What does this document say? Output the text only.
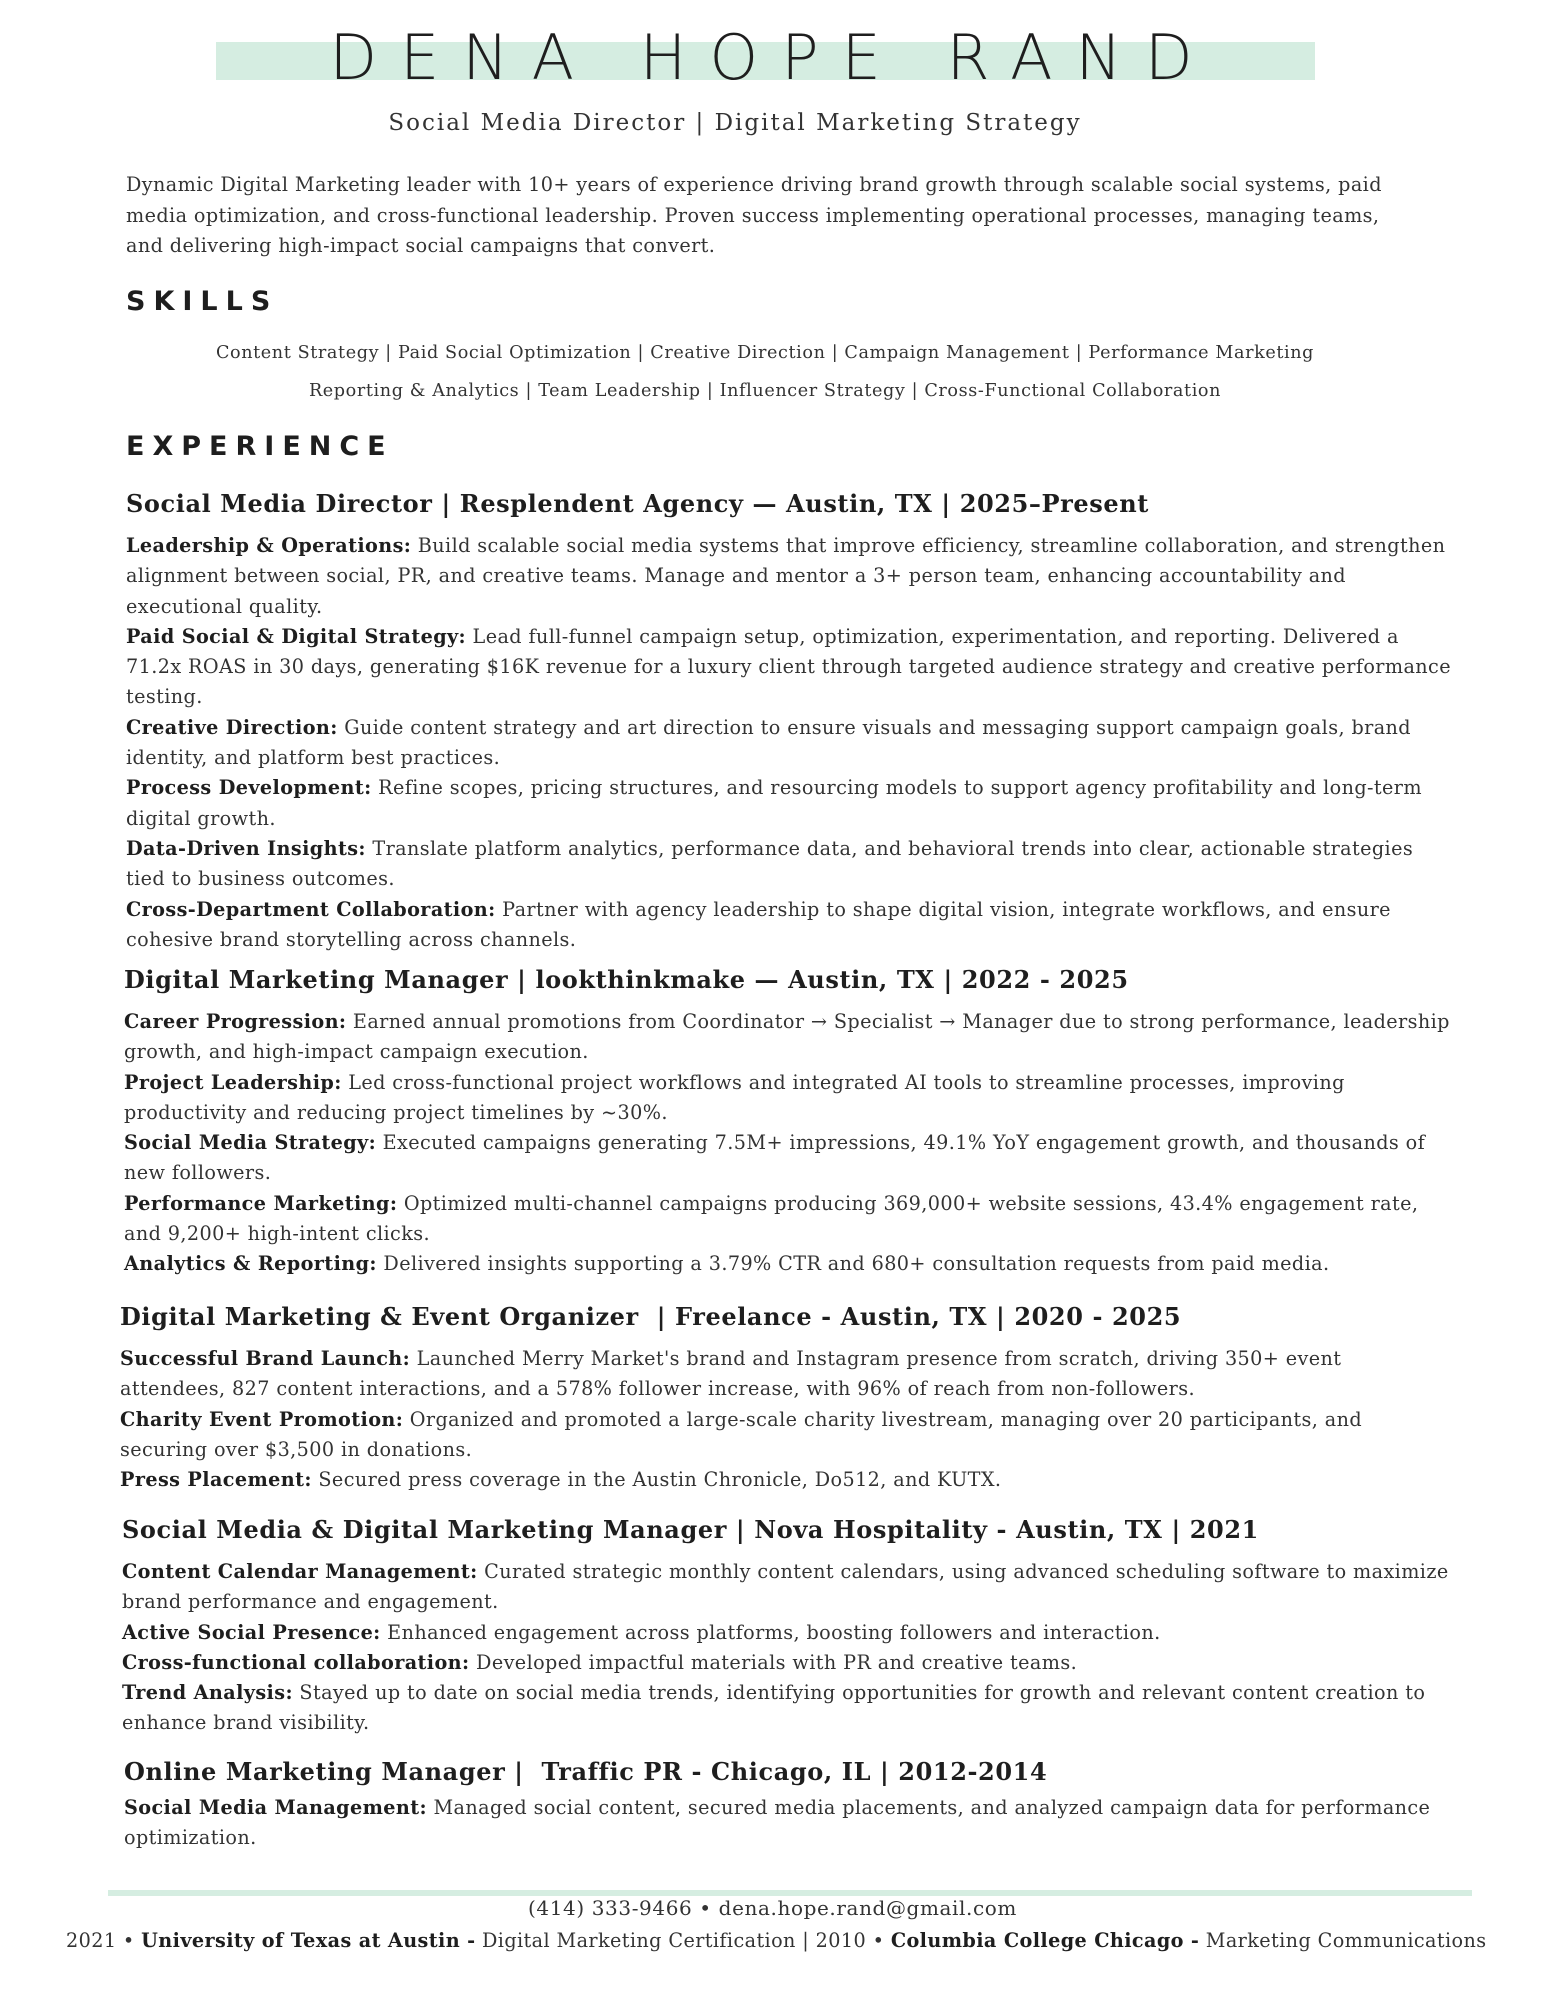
DENA HOPE RAND
Social Media Director | Digital Marketing Strategy
Dynamic Digital Marketing leader with 10+ years of experience driving brand growth through scalable social systems, paid media optimization, and cross-functional leadership. Proven success implementing operational processes, managing teams, and delivering high-impact social campaigns that convert.
SKILLS
Content Strategy | Paid Social Optimization | Creative Direction | Campaign Management | Performance Marketing
Reporting & Analytics | Team Leadership | Influencer Strategy | Cross-Functional Collaboration
EXPERIENCE
Social Media Director | Resplendent Agency — Austin, TX | 2025–Present
Leadership & Operations: Build scalable social media systems that improve efficiency, streamline collaboration, and strengthen alignment between social, PR, and creative teams. Manage and mentor a 3+ person team, enhancing accountability and executional quality.
Paid Social & Digital Strategy: Lead full-funnel campaign setup, optimization, experimentation, and reporting. Delivered a 71.2x ROAS in 30 days, generating $16K revenue for a luxury client through targeted audience strategy and creative performance testing.
Creative Direction: Guide content strategy and art direction to ensure visuals and messaging support campaign goals, brand identity, and platform best practices.
Process Development: Refine scopes, pricing structures, and resourcing models to support agency profitability and long-term digital growth.
Data-Driven Insights: Translate platform analytics, performance data, and behavioral trends into clear, actionable strategies tied to business outcomes.
Cross-Department Collaboration: Partner with agency leadership to shape digital vision, integrate workflows, and ensure cohesive brand storytelling across channels.
Digital Marketing Manager | lookthinkmake — Austin, TX | 2022 - 2025
Career Progression: Earned annual promotions from Coordinator → Specialist → Manager due to strong performance, leadership growth, and high-impact campaign execution.
Project Leadership: Led cross-functional project workflows and integrated AI tools to streamline processes, improving productivity and reducing project timelines by ~30%.
Social Media Strategy: Executed campaigns generating 7.5M+ impressions, 49.1% YoY engagement growth, and thousands of new followers.
Performance Marketing: Optimized multi-channel campaigns producing 369,000+ website sessions, 43.4% engagement rate, and 9,200+ high-intent clicks.
Analytics & Reporting: Delivered insights supporting a 3.79% CTR and 680+ consultation requests from paid media.
Digital Marketing & Event Organizer  | Freelance - Austin, TX | 2020 - 2025
Successful Brand Launch: Launched Merry Market's brand and Instagram presence from scratch, driving 350+ event attendees, 827 content interactions, and a 578% follower increase, with 96% of reach from non-followers.
Charity Event Promotion: Organized and promoted a large-scale charity livestream, managing over 20 participants, and securing over $3,500 in donations.
Press Placement: Secured press coverage in the Austin Chronicle, Do512, and KUTX.
Social Media & Digital Marketing Manager | Nova Hospitality - Austin, TX | 2021
Content Calendar Management: Curated strategic monthly content calendars, using advanced scheduling software to maximize brand performance and engagement.
Active Social Presence: Enhanced engagement across platforms, boosting followers and interaction.
Cross-functional collaboration: Developed impactful materials with PR and creative teams.
Trend Analysis: Stayed up to date on social media trends, identifying opportunities for growth and relevant content creation to enhance brand visibility.
Online Marketing Manager |  Traffic PR - Chicago, IL | 2012-2014
Social Media Management: Managed social content, secured media placements, and analyzed campaign data for performance optimization.
(414) 333-9466 • dena.hope.rand@gmail.com
2021 • University of Texas at Austin - Digital Marketing Certification | 2010 • Columbia College Chicago - Marketing Communications
